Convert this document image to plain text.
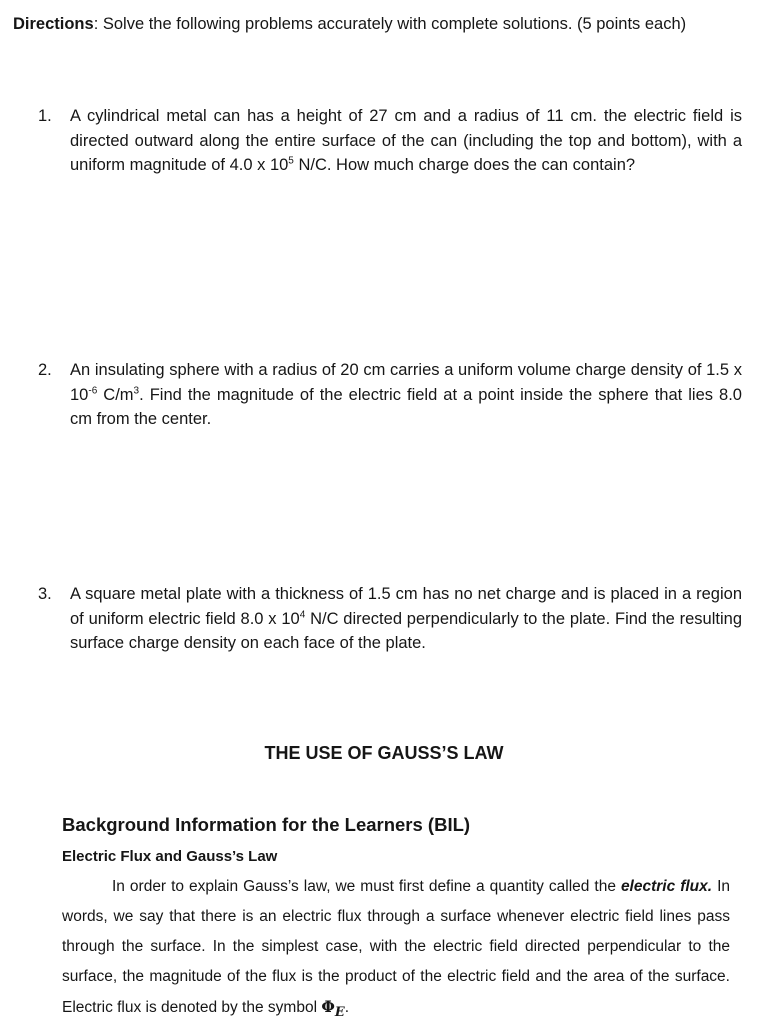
Directions: Solve the following problems accurately with complete solutions. (5 points each)

1.	A cylindrical metal can has a height of 27 cm and a radius of 11 cm. the electric field is directed outward along the entire surface of the can (including the top and bottom), with a uniform magnitude of 4.0 x $10^5$ N/C. How much charge does the can contain?
2.	An insulating sphere with a radius of 20 cm carries a uniform volume charge density of 1.5 x $10^{-6}$ $C/m^3$. Find the magnitude of the electric field at a point inside the sphere that lies 8.0 cm from the center.
3.	A square metal plate with a thickness of 1.5 cm has no net charge and is placed in a region of uniform electric field 8.0 x $10^4$ N/C directed perpendicularly to the plate. Find the resulting surface charge density on each face of the plate.
THE USE OF GAUSS’S LAW
Background Information for the Learners (BIL)
Electric Flux and Gauss’s Law

In order to explain Gauss’s law, we must first define a quantity called the electric flux. In words, we say that there is an electric flux through a surface whenever electric field lines pass through the surface. In the simplest case, with the electric field directed perpendicular to the surface, the magnitude of the flux is the product of the electric field and the area of the surface. Electric flux is denoted by the symbol $\Phi_E$.
